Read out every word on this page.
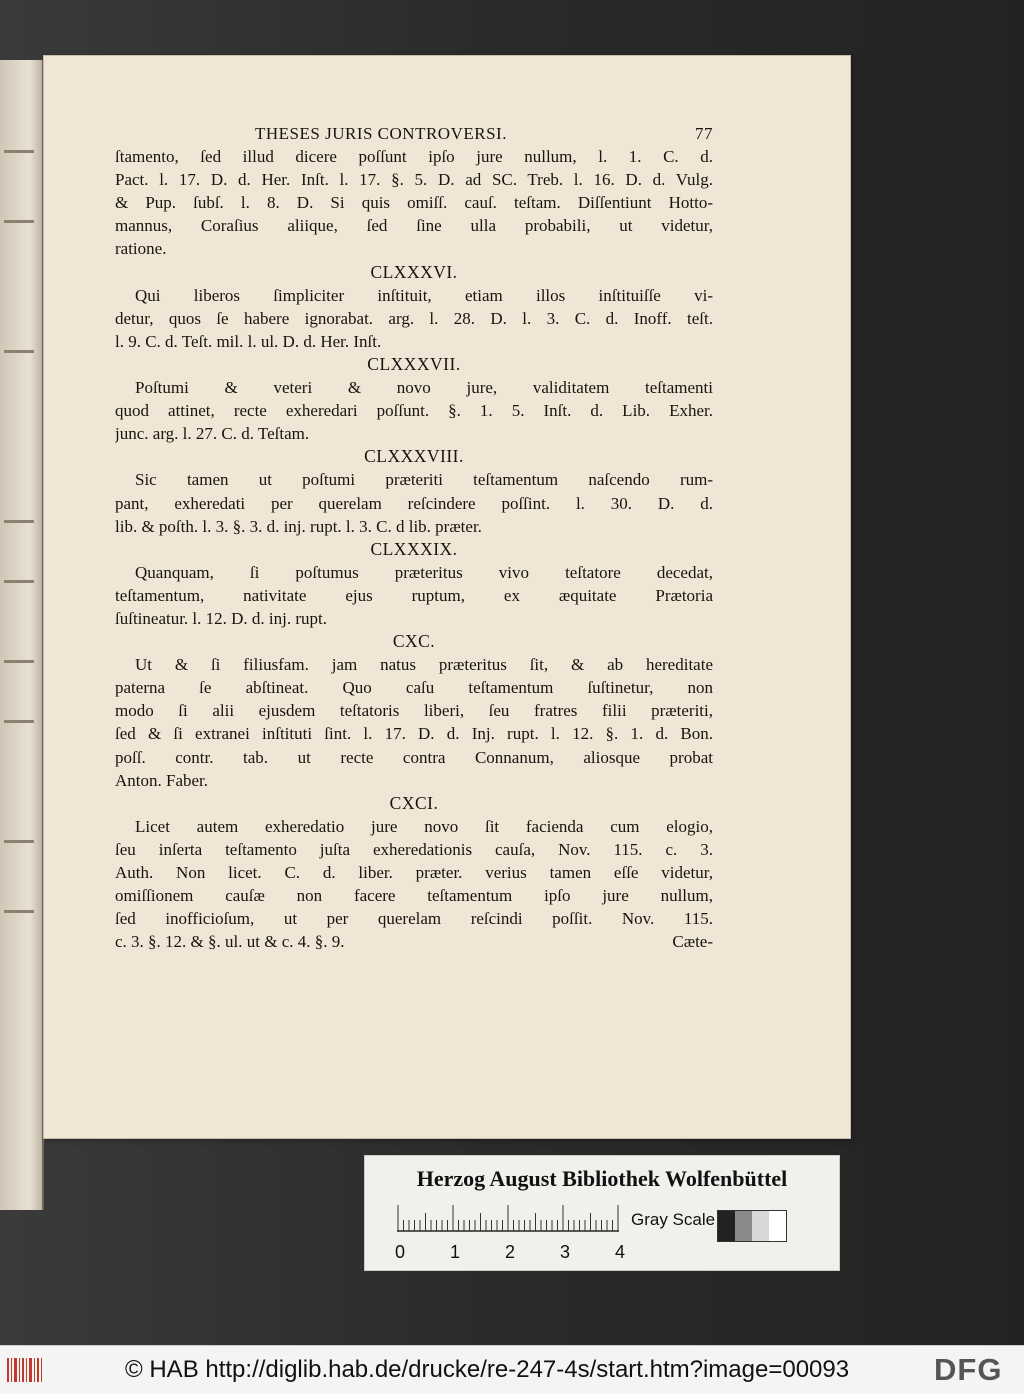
THESES JURIS CONTROVERSI.	77
ſtamento, ſed illud dicere poſſunt ipſo jure nullum, l. 1. C. d.
Pact. l. 17. D. d. Her. Inſt. l. 17. §. 5. D. ad SC. Treb. l. 16. D. d. Vulg.
& Pup. ſubſ. l. 8. D. Si quis omiſſ. cauſ. teſtam. Diſſentiunt Hotto-
mannus, Coraſius aliique, ſed ſine ulla probabili, ut videtur,
ratione.
CLXXXVI.
Qui liberos ſimpliciter inſtituit, etiam illos inſtituiſſe vi-
detur, quos ſe habere ignorabat. arg. l. 28. D. l. 3. C. d. Inoff. teſt.
l. 9. C. d. Teſt. mil. l. ul. D. d. Her. Inſt.
CLXXXVII.
Poſtumi & veteri & novo jure, validitatem teſtamenti
quod attinet, recte exheredari poſſunt. §. 1. 5. Inſt. d. Lib. Exher.
junc. arg. l. 27. C. d. Teſtam.
CLXXXVIII.
Sic tamen ut poſtumi præteriti teſtamentum naſcendo rum-
pant, exheredati per querelam reſcindere poſſint. l. 30. D. d.
lib. & poſth. l. 3. §. 3. d. inj. rupt. l. 3. C. d lib. præter.
CLXXXIX.
Quanquam, ſi poſtumus præteritus vivo teſtatore decedat,
teſtamentum, nativitate ejus ruptum, ex æquitate Prætoria
ſuſtineatur. l. 12. D. d. inj. rupt.
CXC.
Ut & ſi filiusfam. jam natus præteritus ſit, & ab hereditate
paterna ſe abſtineat. Quo caſu teſtamentum ſuſtinetur, non
modo ſi alii ejusdem teſtatoris liberi, ſeu fratres filii præteriti,
ſed & ſi extranei inſtituti ſint. l. 17. D. d. Inj. rupt. l. 12. §. 1. d. Bon.
poſſ. contr. tab. ut recte contra Connanum, aliosque probat
Anton. Faber.
CXCI.
Licet autem exheredatio jure novo ſit facienda cum elogio,
ſeu inſerta teſtamento juſta exheredationis cauſa, Nov. 115. c. 3.
Auth. Non licet. C. d. liber. præter. verius tamen eſſe videtur,
omiſſionem cauſæ non facere teſtamentum ipſo jure nullum,
ſed inofficioſum, ut per querelam reſcindi poſſit. Nov. 115.
c. 3. §. 12. & §. ul. ut & c. 4. §. 9.	Cæte-
Herzog August Bibliothek Wolfenbüttel
0 1 2 3 4
Gray Scale
© HAB http://diglib.hab.de/drucke/re-247-4s/start.htm?image=00093	DFG
